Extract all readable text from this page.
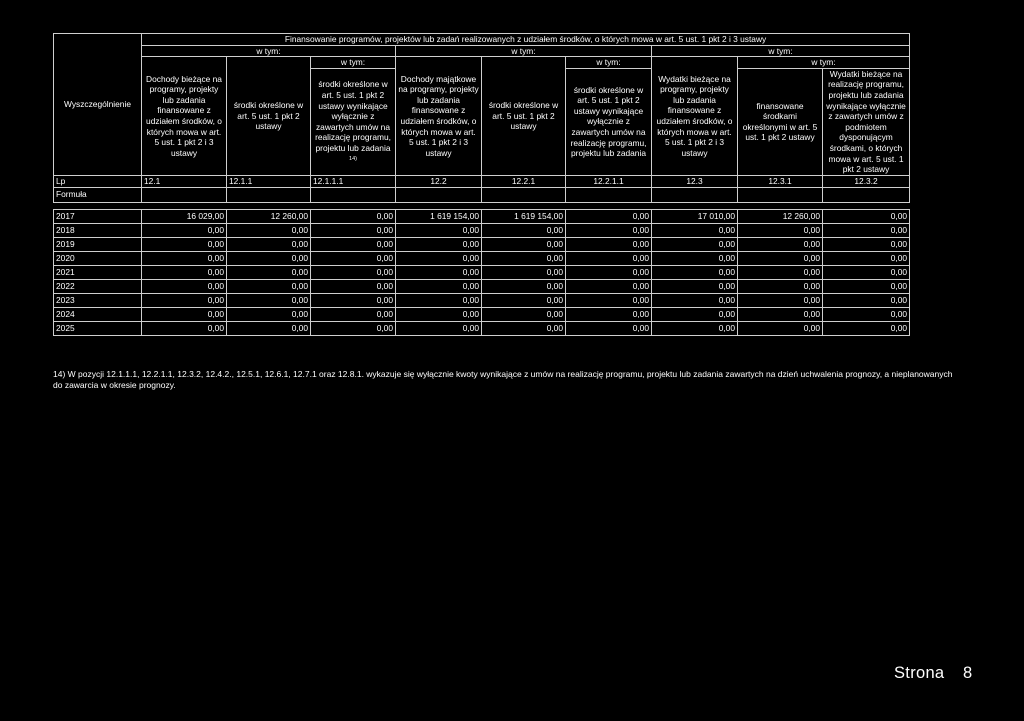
Wyszczególnienie	Finansowanie programów, projektów lub zadań realizowanych z udziałem środków, o których mowa w art. 5 ust. 1 pkt 2 i 3 ustawy								
	w tym:			w tym:			w tym:		
	Dochody bieżące na programy, projekty lub zadania finansowane z udziałem środków, o których mowa w art. 5 ust. 1 pkt 2 i 3 ustawy	środki określone w art. 5 ust. 1 pkt 2 ustawy	w tym:	Dochody majątkowe na programy, projekty lub zadania finansowane z udziałem środków, o których mowa w art. 5 ust. 1 pkt 2 i 3 ustawy	środki określone w art. 5 ust. 1 pkt 2 ustawy	w tym:	Wydatki bieżące na programy, projekty lub zadania finansowane z udziałem środków, o których mowa w art. 5 ust. 1 pkt 2 i 3 ustawy	w tym:	
			środki określone w art. 5 ust. 1 pkt 2 ustawy wynikające wyłącznie z zawartych umów na realizację programu, projektu lub zadania $^{14)}$			środki określone w art. 5 ust. 1 pkt 2 ustawy wynikające wyłącznie z zawartych umów na realizację programu, projektu lub zadania		finansowane środkami określonymi w art. 5 ust. 1 pkt 2 ustawy	Wydatki bieżące na realizację programu, projektu lub zadania wynikające wyłącznie z zawartych umów z podmiotem dysponującym środkami, o których mowa w art. 5 ust. 1 pkt 2 ustawy
Lp	12.1	12.1.1	12.1.1.1	12.2	12.2.1	12.2.1.1	12.3	12.3.1	12.3.2
Formuła									

2017	16 029,00	12 260,00	0,00	1 619 154,00	1 619 154,00	0,00	17 010,00	12 260,00	0,00
2018	0,00	0,00	0,00	0,00	0,00	0,00	0,00	0,00	0,00
2019	0,00	0,00	0,00	0,00	0,00	0,00	0,00	0,00	0,00
2020	0,00	0,00	0,00	0,00	0,00	0,00	0,00	0,00	0,00
2021	0,00	0,00	0,00	0,00	0,00	0,00	0,00	0,00	0,00
2022	0,00	0,00	0,00	0,00	0,00	0,00	0,00	0,00	0,00
2023	0,00	0,00	0,00	0,00	0,00	0,00	0,00	0,00	0,00
2024	0,00	0,00	0,00	0,00	0,00	0,00	0,00	0,00	0,00
2025	0,00	0,00	0,00	0,00	0,00	0,00	0,00	0,00	0,00
14) W pozycji 12.1.1.1, 12.2.1.1, 12.3.2, 12.4.2., 12.5.1, 12.6.1, 12.7.1 oraz 12.8.1. wykazuje się wyłącznie kwoty wynikające z umów na realizację programu, projektu lub zadania zawartych na dzień uchwalenia prognozy, a nieplanowanych do zawarcia w okresie prognozy.
Strona 8
